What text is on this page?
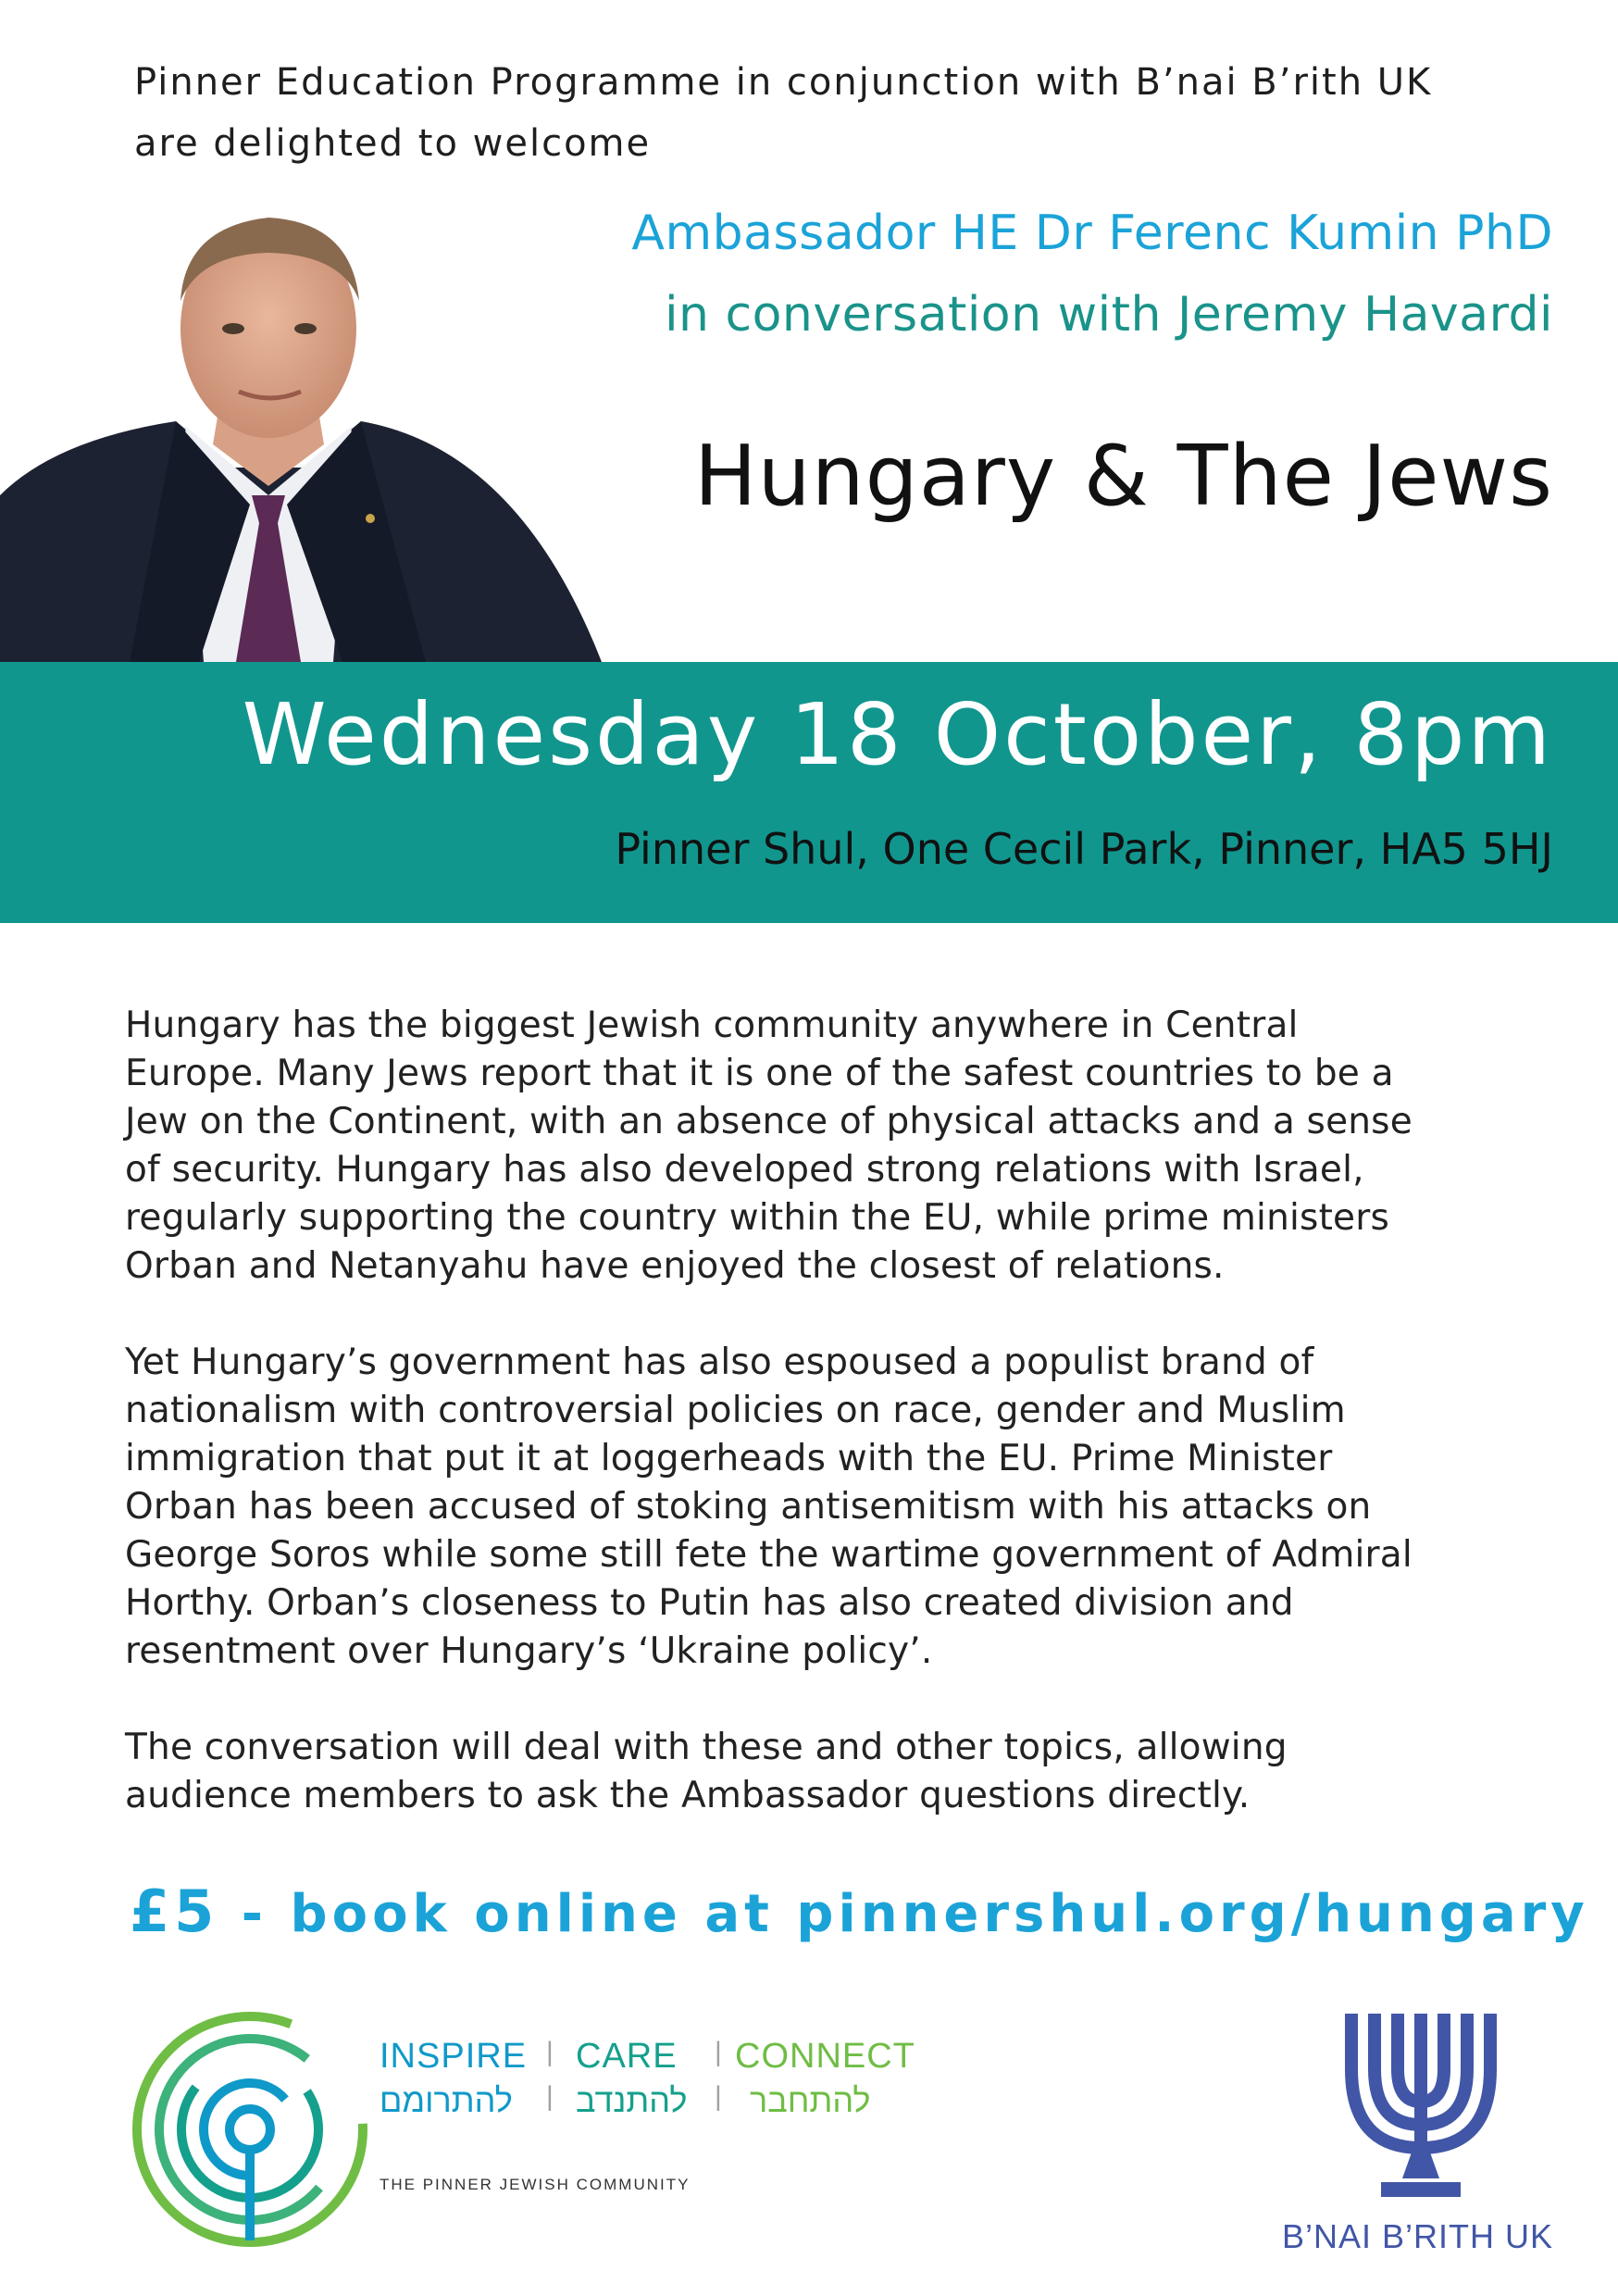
Pinner Education Programme in conjunction with B’nai B’rith UK
are delighted to welcome
Ambassador HE Dr Ferenc Kumin PhD
in conversation with Jeremy Havardi
Hungary & The Jews
Wednesday 18 October, 8pm
Pinner Shul, One Cecil Park, Pinner, HA5 5HJ

Hungary has the biggest Jewish community anywhere in Central
Europe. Many Jews report that it is one of the safest countries to be a
Jew on the Continent, with an absence of physical attacks and a sense
of security. Hungary has also developed strong relations with Israel,
regularly supporting the country within the EU, while prime ministers
Orban and Netanyahu have enjoyed the closest of relations.

Yet Hungary’s government has also espoused a populist brand of
nationalism with controversial policies on race, gender and Muslim
immigration that put it at loggerheads with the EU. Prime Minister
Orban has been accused of stoking antisemitism with his attacks on
George Soros while some still fete the wartime government of Admiral
Horthy. Orban’s closeness to Putin has also created division and
resentment over Hungary’s ‘Ukraine policy’.

The conversation will deal with these and other topics, allowing
audience members to ask the Ambassador questions directly.

£5 - book online at pinnershul.org/hungary
INSPIRE | CARE | CONNECT
להתרומם | להתנדב | להתחבר
THE PINNER JEWISH COMMUNITY
B’NAI B’RITH UK
